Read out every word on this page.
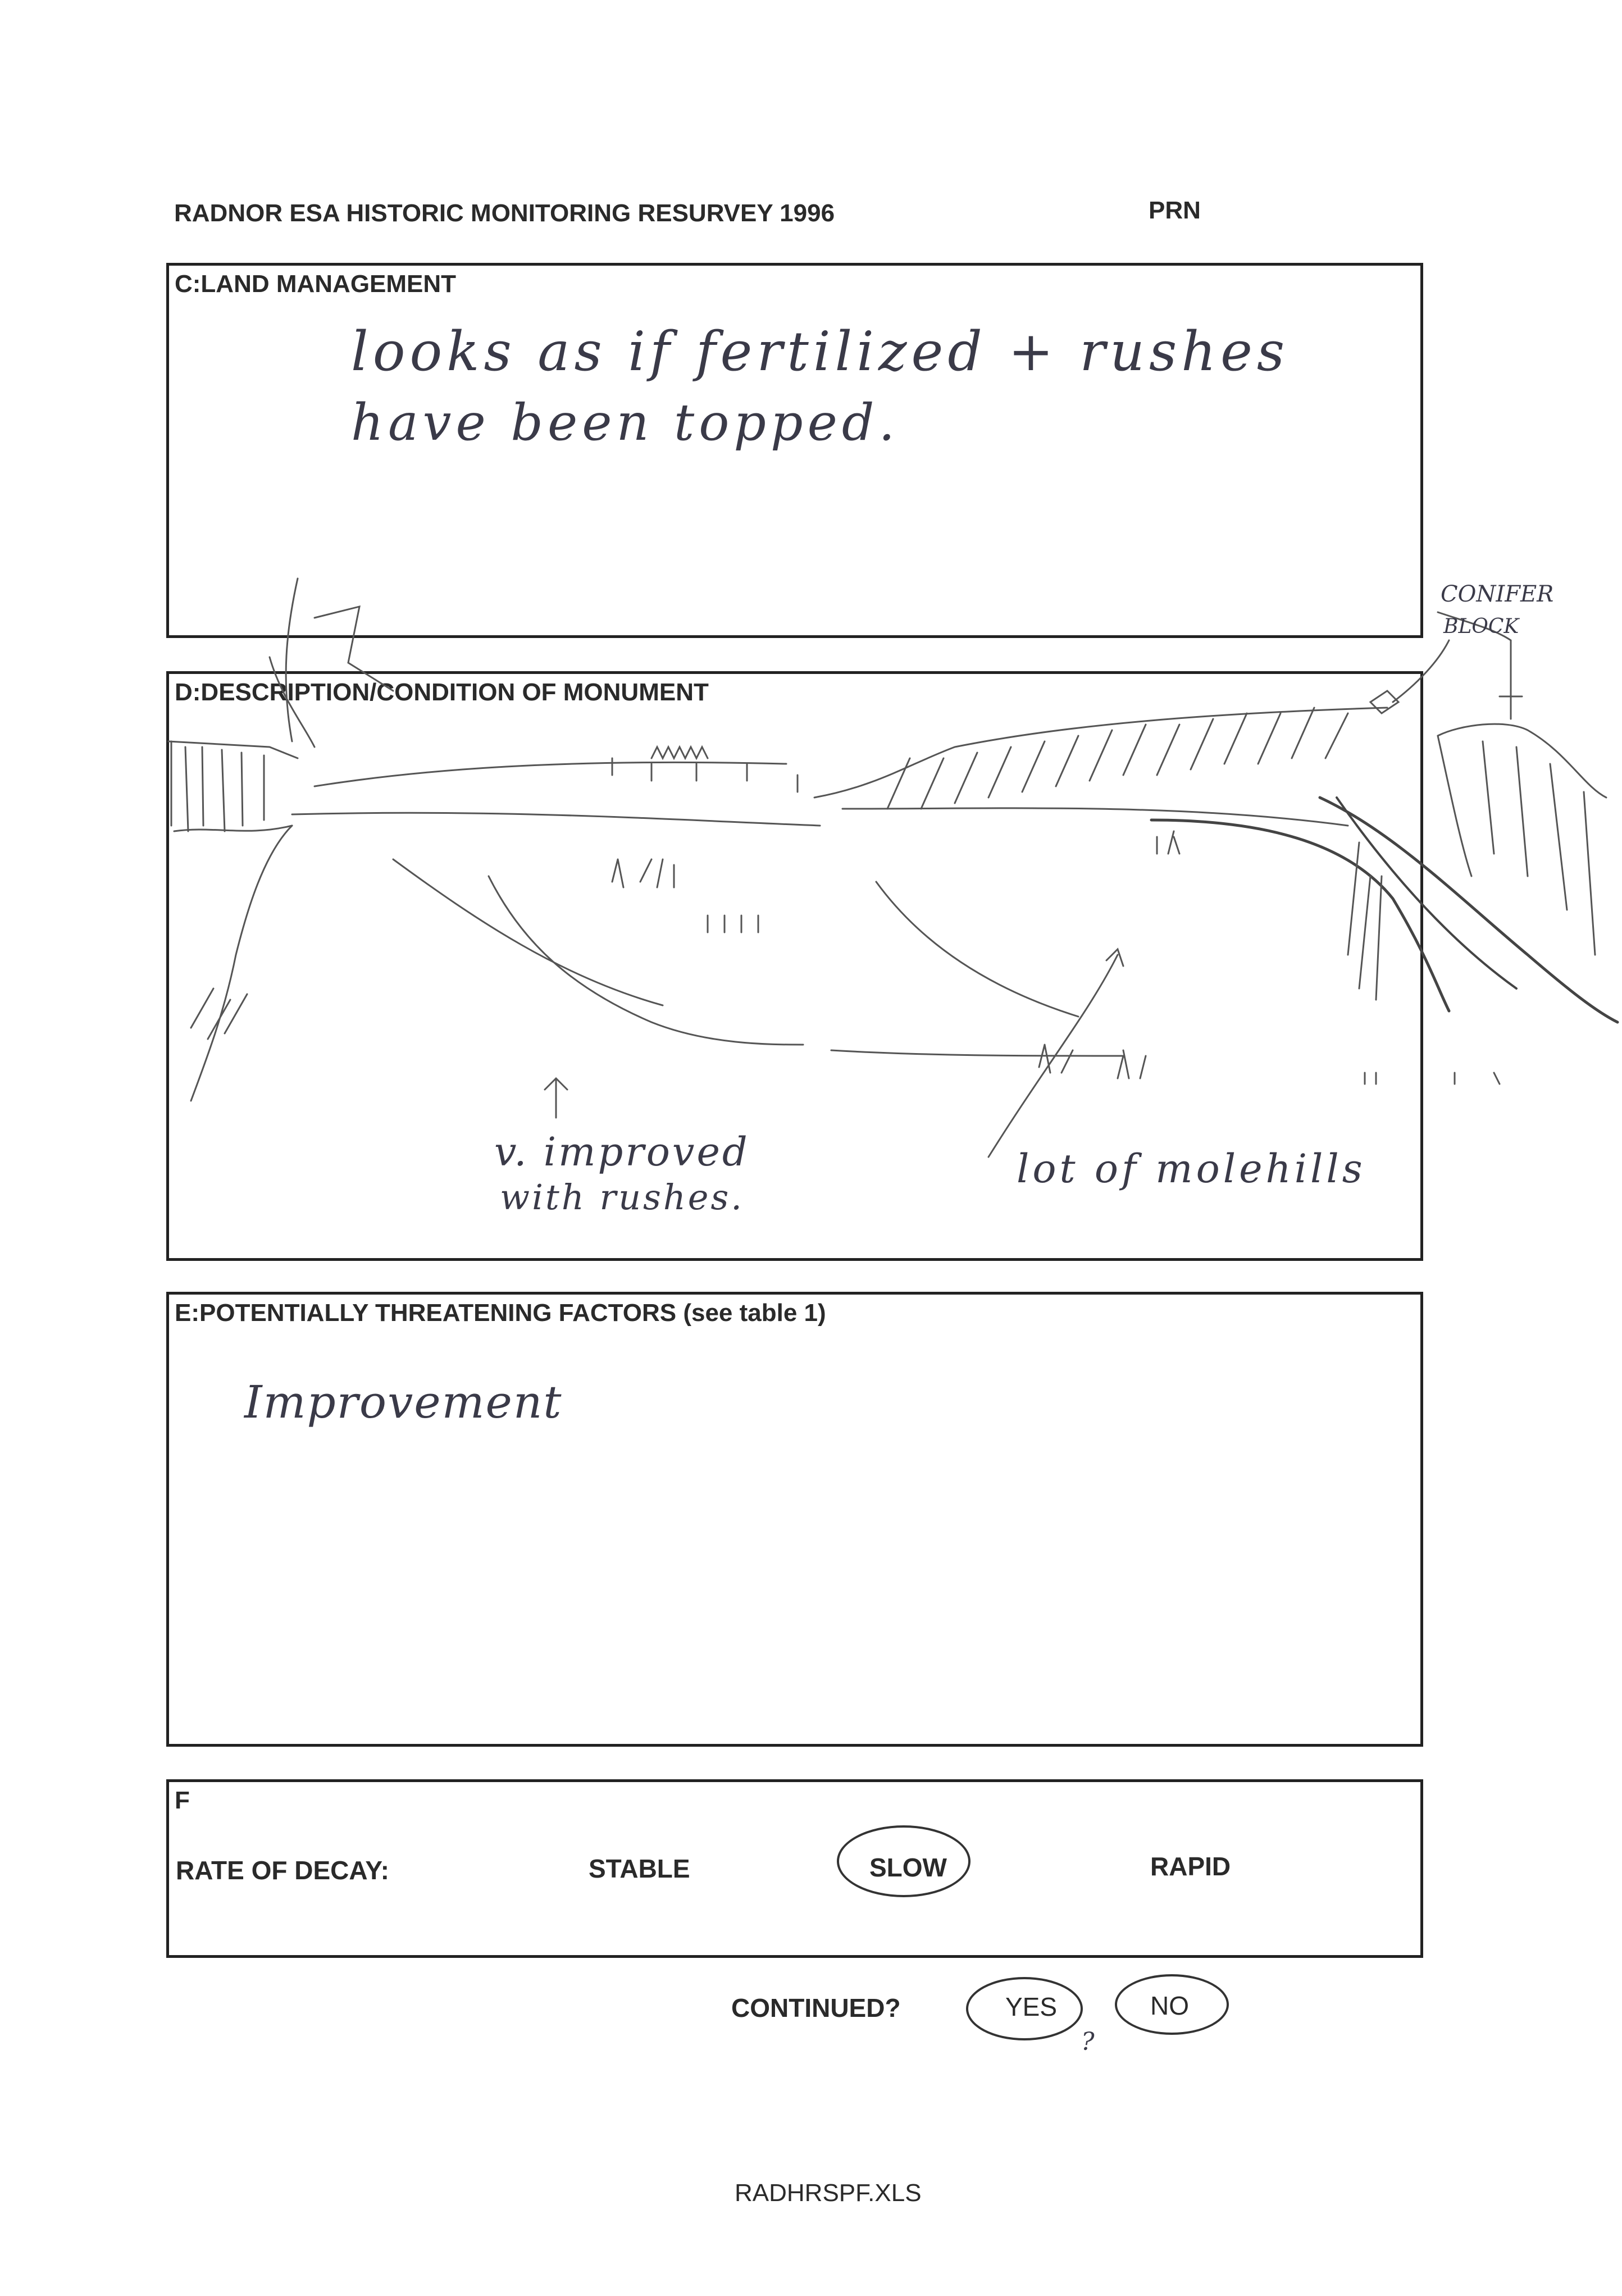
RADNOR ESA HISTORIC MONITORING RESURVEY 1996	PRN
C:LAND MANAGEMENT
looks as if fertilized + rushes
have been topped.
D:DESCRIPTION/CONDITION OF MONUMENT
CONIFER
BLOCK
v. improved
with rushes.
lot of molehills
E:POTENTIALLY THREATENING FACTORS (see table 1)
Improvement
F
RATE OF DECAY:	STABLE	SLOW	RAPID
CONTINUED?	YES	NO
?
RADHRSPF.XLS
